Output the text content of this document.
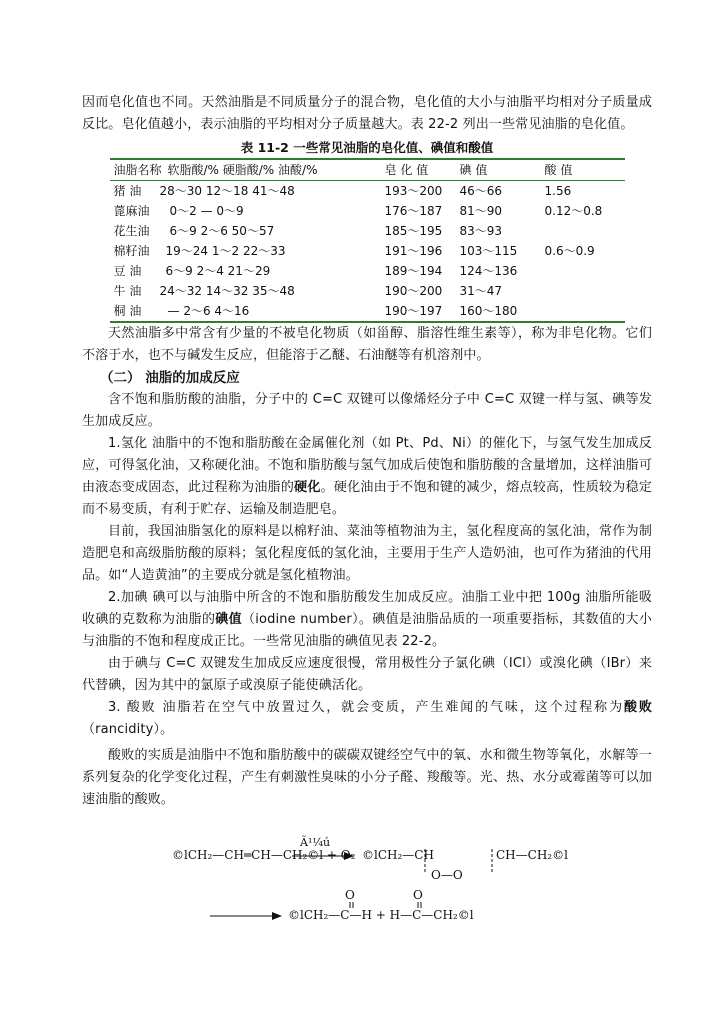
因而皂化值也不同。天然油脂是不同质量分子的混合物，皂化值的大小与油脂平均相对分子质量成反比。皂化值越小，表示油脂的平均相对分子质量越大。表 22-2 列出一些常见油脂的皂化值。

表 11-2 一些常见油脂的皂化值、碘值和酸值
油脂名称 软脂酸/% 硬脂酸/% 油酸/%	皂 化 值	碘 值	酸 值
猪 油 28～30 12～18 41～48	193～200 46～66	1.56
蓖麻油 0～2 — 0～9	176～187 81～90	0.12～0.8
花生油 6～9 2～6 50～57	185～195 83～93
棉籽油 19～24 1～2 22～33	191～196 103～115 0.6～0.9
豆 油 6～9 2～4 21～29	189～194 124～136
牛 油 24～32 14～32 35～48	190～200 31～47
桐 油 — 2～6 4～16	190～197 160～180

天然油脂多中常含有少量的不被皂化物质（如甾醇、脂溶性维生素等），称为非皂化物。它们不溶于水，也不与碱发生反应，但能溶于乙醚、石油醚等有机溶剂中。

（二） 油脂的加成反应

含不饱和脂肪酸的油脂，分子中的 C=C 双键可以像烯烃分子中 C=C 双键一样与氢、碘等发生加成反应。

1.氢化 油脂中的不饱和脂肪酸在金属催化剂（如 Pt、Pd、Ni）的催化下，与氢气发生加成反应，可得氢化油，又称硬化油。不饱和脂肪酸与氢气加成后使饱和脂肪酸的含量增加，这样油脂可由液态变成固态，此过程称为油脂的硬化。硬化油由于不饱和键的减少，熔点较高，性质较为稳定而不易变质，有利于贮存、运输及制造肥皂。

目前，我国油脂氢化的原料是以棉籽油、菜油等植物油为主，氢化程度高的氢化油，常作为制造肥皂和高级脂肪酸的原料；氢化程度低的氢化油，主要用于生产人造奶油，也可作为猪油的代用品。如“人造黄油”的主要成分就是氢化植物油。

2.加碘 碘可以与油脂中所含的不饱和脂肪酸发生加成反应。油脂工业中把 100g 油脂所能吸收碘的克数称为油脂的碘值（iodine number）。碘值是油脂品质的一项重要指标，其数值的大小与油脂的不饱和程度成正比。一些常见油脂的碘值见表 22-2。

由于碘与 C=C 双键发生加成反应速度很慢，常用极性分子氯化碘（ICl）或溴化碘（IBr）来代替碘，因为其中的氯原子或溴原子能使碘活化。

3. 酸败 油脂若在空气中放置过久，就会变质，产生难闻的气味，这个过程称为酸败（rancidity）。

酸败的实质是油脂中不饱和脂肪酸中的碳碳双键经空气中的氧、水和微生物等氧化，水解等一系列复杂的化学变化过程，产生有刺激性臭味的小分子醛、羧酸等。光、热、水分或霉菌等可以加速油脂的酸败。

©lCH₂—CH═CH—CH₂©l + O₂
Ã¹¹⁄₄ú
©lCH₂—CH	CH—CH₂©l
O—O
O	O
©lCH₂—C—H + H—C—CH₂©l
